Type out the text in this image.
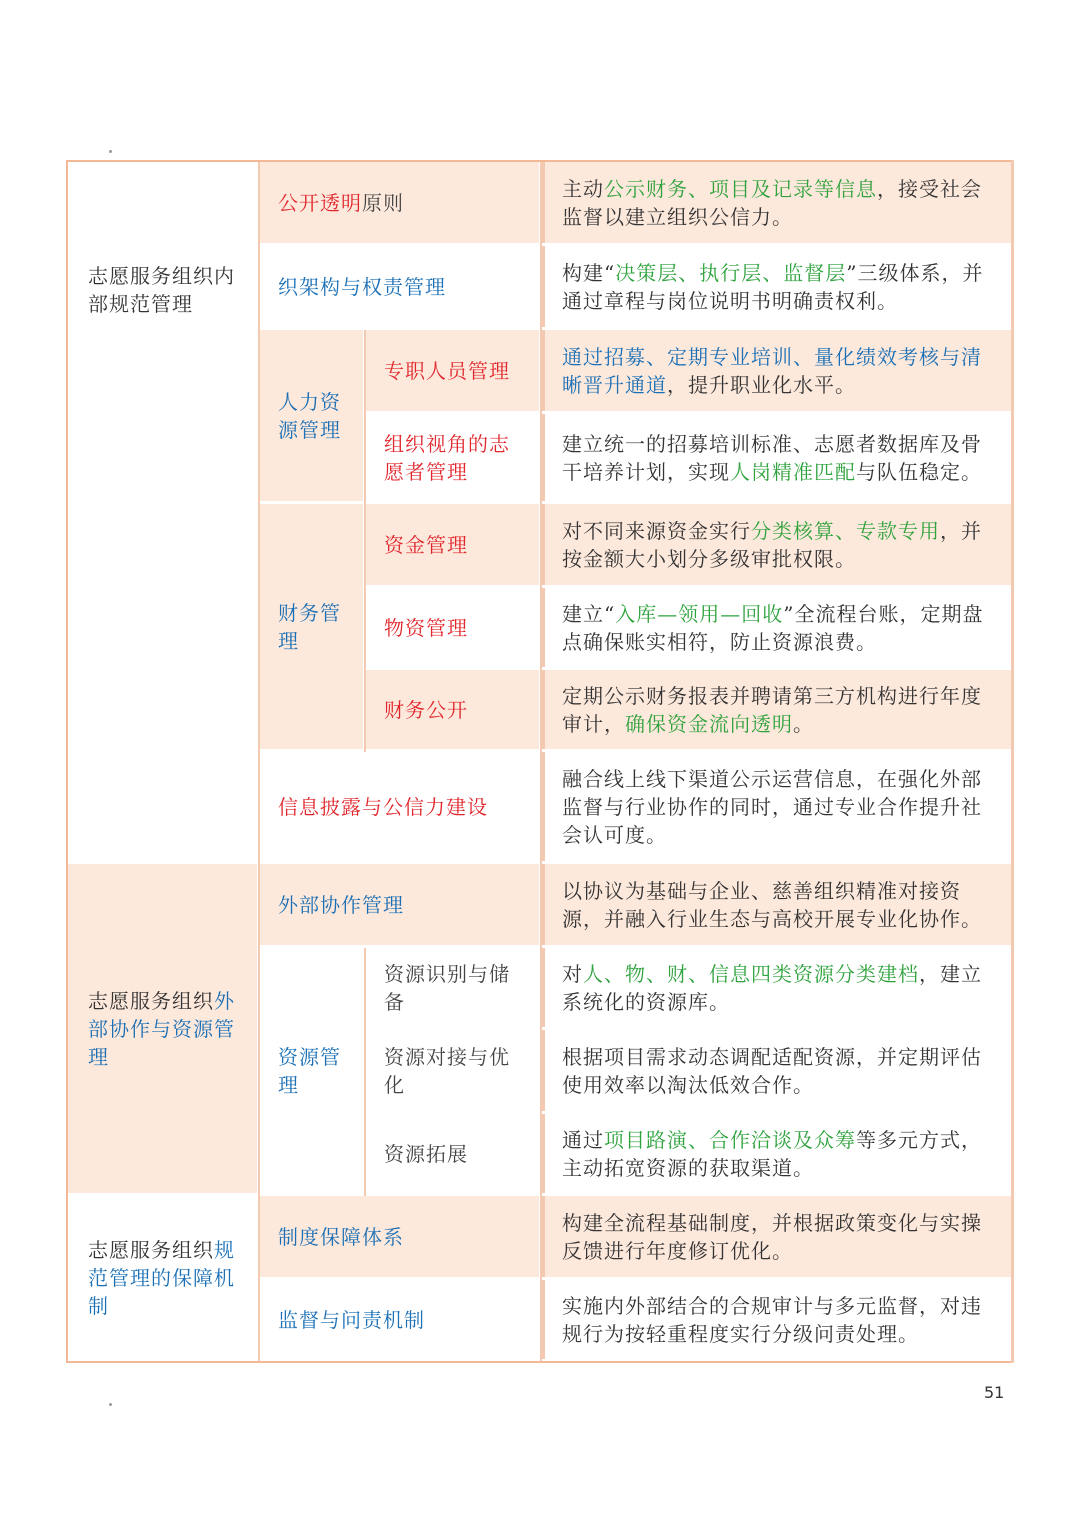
志愿服务组织内部规范管理
志愿服务组织外部协作与资源管理
志愿服务组织规范管理的保障机制
公开透明原则
主动公示财务、项目及记录等信息，接受社会监督以建立组织公信力。
织架构与权责管理
构建“决策层、执行层、监督层”三级体系，并通过章程与岗位说明书明确责权利。
人力资源管理
专职人员管理
通过招募、定期专业培训、量化绩效考核与清晰晋升通道，提升职业化水平。
组织视角的志愿者管理
建立统一的招募培训标准、志愿者数据库及骨干培养计划，实现人岗精准匹配与队伍稳定。
财务管理
资金管理
对不同来源资金实行分类核算、专款专用，并按金额大小划分多级审批权限。
物资管理
建立“入库—领用—回收”全流程台账，定期盘点确保账实相符，防止资源浪费。
财务公开
定期公示财务报表并聘请第三方机构进行年度审计，确保资金流向透明。
信息披露与公信力建设
融合线上线下渠道公示运营信息，在强化外部监督与行业协作的同时，通过专业合作提升社会认可度。
外部协作管理
以协议为基础与企业、慈善组织精准对接资源，并融入行业生态与高校开展专业化协作。
资源管理
资源识别与储备
对人、物、财、信息四类资源分类建档，建立系统化的资源库。
资源对接与优化
根据项目需求动态调配适配资源，并定期评估使用效率以淘汰低效合作。
资源拓展
通过项目路演、合作洽谈及众筹等多元方式，主动拓宽资源的获取渠道。
制度保障体系
构建全流程基础制度，并根据政策变化与实操反馈进行年度修订优化。
监督与问责机制
实施内外部结合的合规审计与多元监督，对违规行为按轻重程度实行分级问责处理。
51
